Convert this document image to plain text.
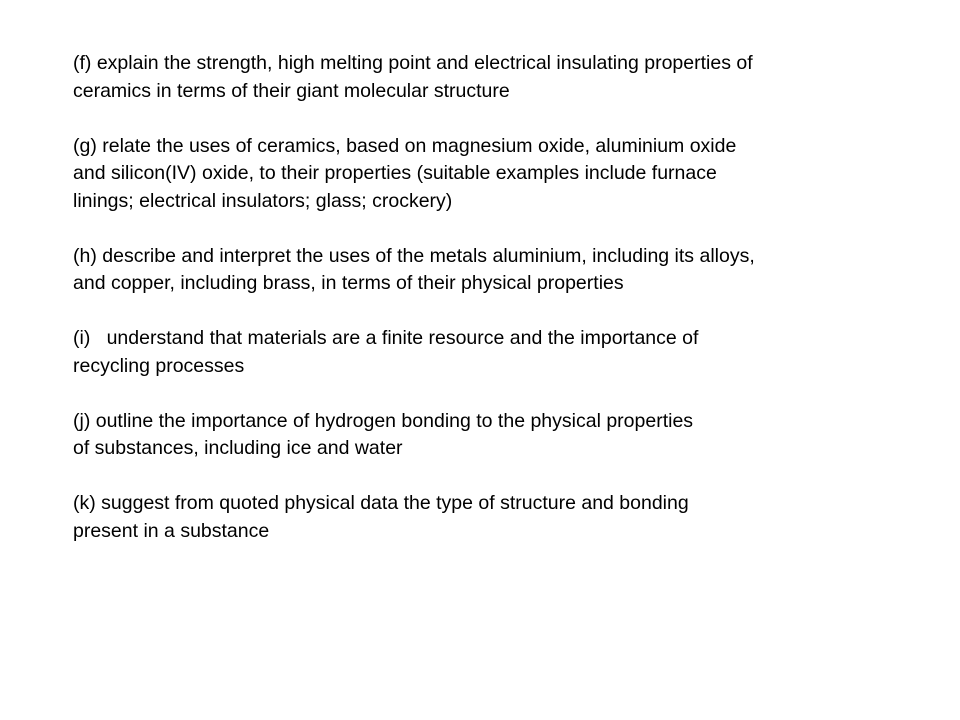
(f) explain the strength, high melting point and electrical insulating properties of
ceramics in terms of their giant molecular structure
(g) relate the uses of ceramics, based on magnesium oxide, aluminium oxide
and silicon(IV) oxide, to their properties (suitable examples include furnace
linings; electrical insulators; glass; crockery)
(h) describe and interpret the uses of the metals aluminium, including its alloys,
and copper, including brass, in terms of their physical properties
(i)   understand that materials are a finite resource and the importance of
recycling processes
(j) outline the importance of hydrogen bonding to the physical properties
of substances, including ice and water
(k) suggest from quoted physical data the type of structure and bonding
present in a substance
